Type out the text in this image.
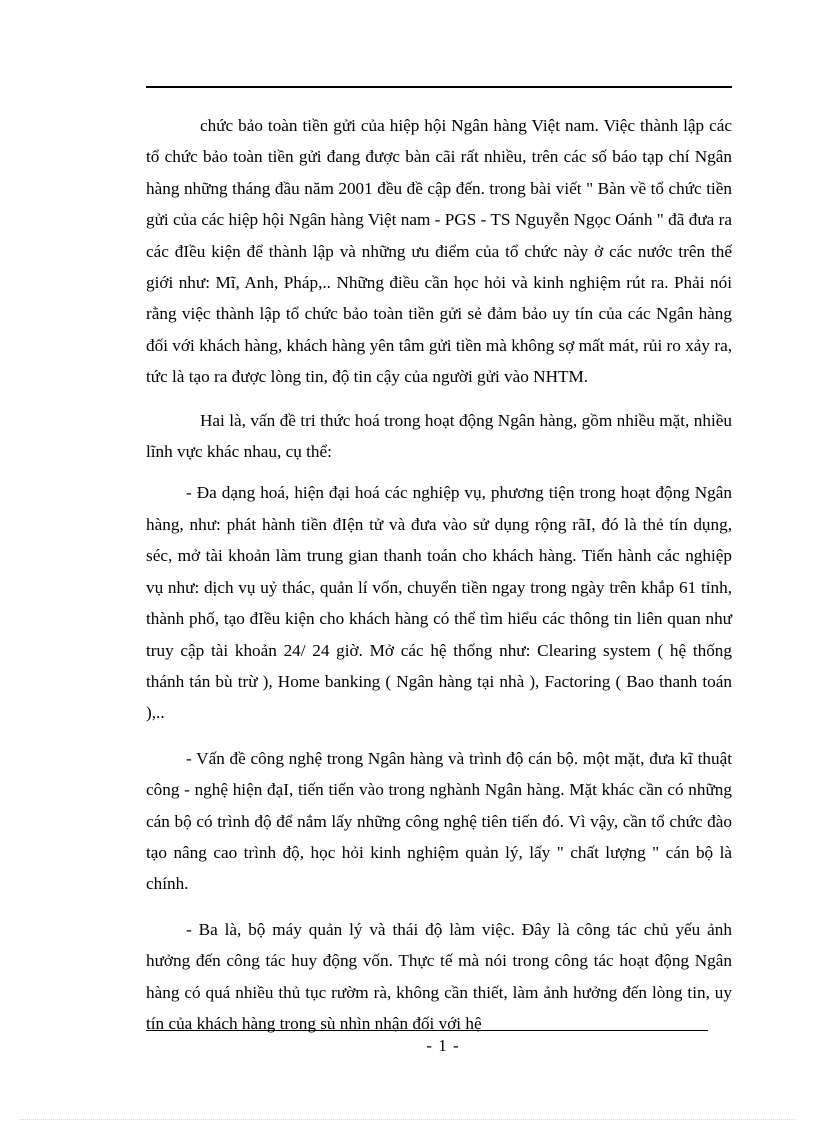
chức bảo toàn tiền gửi của hiệp hội Ngân hàng Việt nam. Việc thành lập các tổ chức bảo toàn tiền gửi đang được bàn cãi rất nhiều, trên các số báo tạp chí Ngân hàng những tháng đầu năm 2001 đều đề cập đến. trong bài viết " Bàn về tổ chức tiền gửi của các hiệp hội Ngân hàng Việt nam - PGS - TS Nguyễn Ngọc Oánh " đã đưa ra các đIều kiện để thành lập và những ưu điểm của tổ chức này ở các nước trên thế giới như: Mĩ, Anh, Pháp,.. Những điều cần học hỏi và kinh nghiệm rút ra. Phải nói rằng việc thành lập tổ chức bảo toàn tiền gửi sẻ đảm bảo uy tín của các Ngân hàng đối với khách hàng, khách hàng yên tâm gửi tiền mà không sợ mất mát, rủi ro xảy ra, tức là tạo ra được lòng tin, độ tin cậy của người gửi vào NHTM.

Hai là, vấn đề tri thức hoá trong hoạt động Ngân hàng, gồm nhiều mặt, nhiều lĩnh vực khác nhau, cụ thể:

- Đa dạng hoá, hiện đại hoá các nghiệp vụ, phương tiện trong hoạt động Ngân hàng, như: phát hành tiền đIện tử và đưa vào sử dụng rộng rãI, đó là thẻ tín dụng, séc, mở tài khoản làm trung gian thanh toán cho khách hàng. Tiến hành các nghiệp vụ như: dịch vụ uỷ thác, quản lí vốn, chuyển tiền ngay trong ngày trên khắp 61 tỉnh, thành phố, tạo đIều kiện cho khách hàng có thể tìm hiểu các thông tin liên quan như truy cập tài khoản 24/ 24 giờ. Mở các hệ thống như: Clearing system ( hệ thống thánh tán bù trừ ), Home banking ( Ngân hàng tại nhà ), Factoring ( Bao thanh toán ),..

- Vấn đề công nghệ trong Ngân hàng và trình độ cán bộ. một mặt, đưa kĩ thuật công - nghệ hiện đạI, tiến tiến vào trong nghành Ngân hàng. Mặt khác cần có những cán bộ có trình độ để nắm lấy những công nghệ tiên tiến đó. Vì vậy, cần tổ chức đào tạo nâng cao trình độ, học hỏi kinh nghiệm quản lý, lấy " chất lượng " cán bộ là chính.

- Ba là, bộ máy quản lý và thái độ làm việc. Đây là công tác chủ yếu ảnh hưởng đến công tác huy động vốn. Thực tế mà nói trong công tác hoạt động Ngân hàng có quá nhiều thủ tục rườm rà, không cần thiết, làm ảnh hưởng đến lòng tin, uy tín của khách hàng trong sù nhìn nhận đối với hệ

- 1 -
